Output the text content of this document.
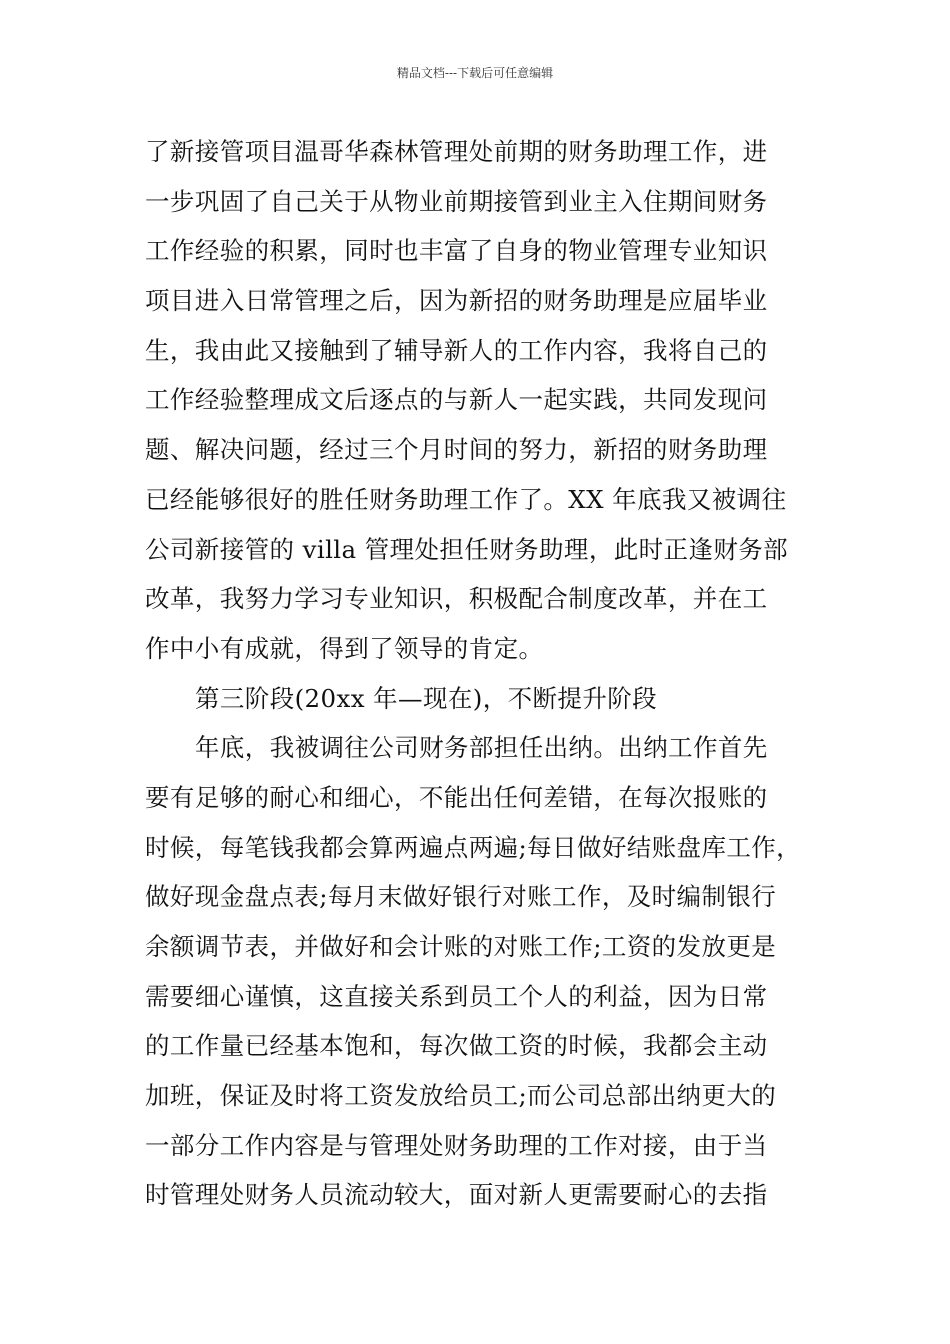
精品文档---下载后可任意编辑
了新接管项目温哥华森林管理处前期的财务助理工作，进
一步巩固了自己关于从物业前期接管到业主入住期间财务
工作经验的积累，同时也丰富了自身的物业管理专业知识
项目进入日常管理之后，因为新招的财务助理是应届毕业
生，我由此又接触到了辅导新人的工作内容，我将自己的
工作经验整理成文后逐点的与新人一起实践，共同发现问
题、解决问题，经过三个月时间的努力，新招的财务助理
已经能够很好的胜任财务助理工作了。XX 年底我又被调往
公司新接管的 villa 管理处担任财务助理，此时正逢财务部
改革，我努力学习专业知识，积极配合制度改革，并在工
作中小有成就，得到了领导的肯定。
第三阶段(20xx 年—现在)，不断提升阶段
年底，我被调往公司财务部担任出纳。出纳工作首先
要有足够的耐心和细心，不能出任何差错，在每次报账的
时候，每笔钱我都会算两遍点两遍;每日做好结账盘库工作，
做好现金盘点表;每月末做好银行对账工作，及时编制银行
余额调节表，并做好和会计账的对账工作;工资的发放更是
需要细心谨慎，这直接关系到员工个人的利益，因为日常
的工作量已经基本饱和，每次做工资的时候，我都会主动
加班，保证及时将工资发放给员工;而公司总部出纳更大的
一部分工作内容是与管理处财务助理的工作对接，由于当
时管理处财务人员流动较大，面对新人更需要耐心的去指
